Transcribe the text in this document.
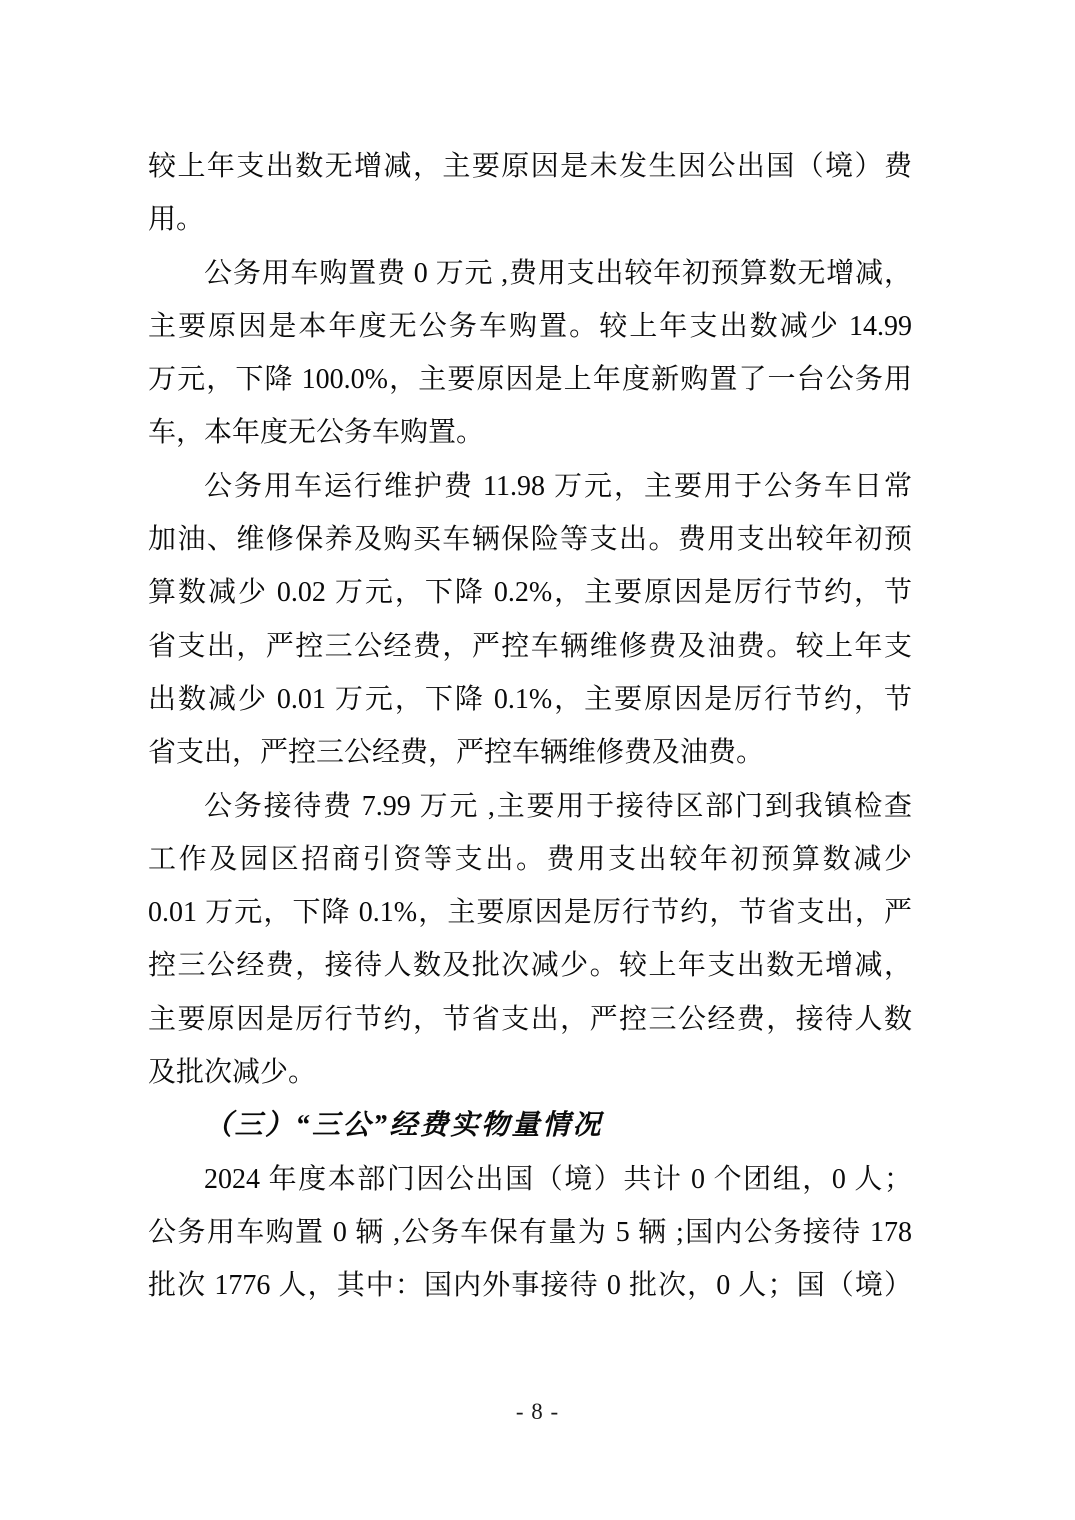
较上年支出数无增减，主要原因是未发生因公出国（境）费
用。
公务用车购置费 0 万元 ,费用支出较年初预算数无增减，
主要原因是本年度无公务车购置。较上年支出数减少 14.99
万元，下降 100.0%，主要原因是上年度新购置了一台公务用
车，本年度无公务车购置。
公务用车运行维护费 11.98 万元，主要用于公务车日常
加油、维修保养及购买车辆保险等支出。费用支出较年初预
算数减少 0.02 万元，下降 0.2%，主要原因是厉行节约，节
省支出，严控三公经费，严控车辆维修费及油费。较上年支
出数减少 0.01 万元，下降 0.1%，主要原因是厉行节约，节
省支出，严控三公经费，严控车辆维修费及油费。
公务接待费 7.99 万元 ,主要用于接待区部门到我镇检查
工作及园区招商引资等支出。费用支出较年初预算数减少
0.01 万元，下降 0.1%，主要原因是厉行节约，节省支出，严
控三公经费，接待人数及批次减少。较上年支出数无增减，
主要原因是厉行节约，节省支出，严控三公经费，接待人数
及批次减少。
（三）“三公”经费实物量情况
2024 年度本部门因公出国（境）共计 0 个团组，0 人；
公务用车购置 0 辆 ,公务车保有量为 5 辆 ;国内公务接待 178
批次 1776 人，其中：国内外事接待 0 批次，0 人；国（境）
- 8 -
